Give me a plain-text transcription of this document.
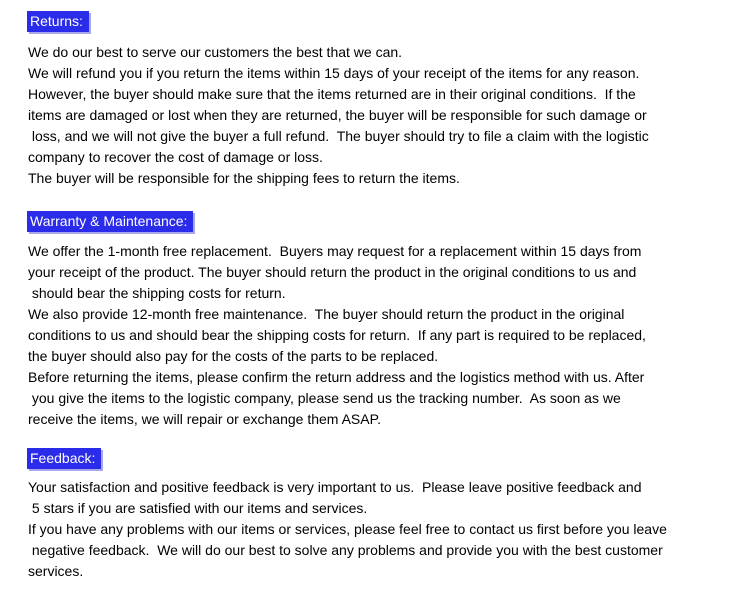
Returns:
We do our best to serve our customers the best that we can.
We will refund you if you return the items within 15 days of your receipt of the items for any reason.
However, the buyer should make sure that the items returned are in their original conditions.  If the
items are damaged or lost when they are returned, the buyer will be responsible for such damage or
loss, and we will not give the buyer a full refund.  The buyer should try to file a claim with the logistic
company to recover the cost of damage or loss.
The buyer will be responsible for the shipping fees to return the items.
Warranty & Maintenance:
We offer the 1-month free replacement.  Buyers may request for a replacement within 15 days from
your receipt of the product. The buyer should return the product in the original conditions to us and
should bear the shipping costs for return.
We also provide 12-month free maintenance.  The buyer should return the product in the original
conditions to us and should bear the shipping costs for return.  If any part is required to be replaced,
the buyer should also pay for the costs of the parts to be replaced.
Before returning the items, please confirm the return address and the logistics method with us. After
you give the items to the logistic company, please send us the tracking number.  As soon as we
receive the items, we will repair or exchange them ASAP.
Feedback:
Your satisfaction and positive feedback is very important to us.  Please leave positive feedback and
5 stars if you are satisfied with our items and services.
If you have any problems with our items or services, please feel free to contact us first before you leave
negative feedback.  We will do our best to solve any problems and provide you with the best customer
services.
